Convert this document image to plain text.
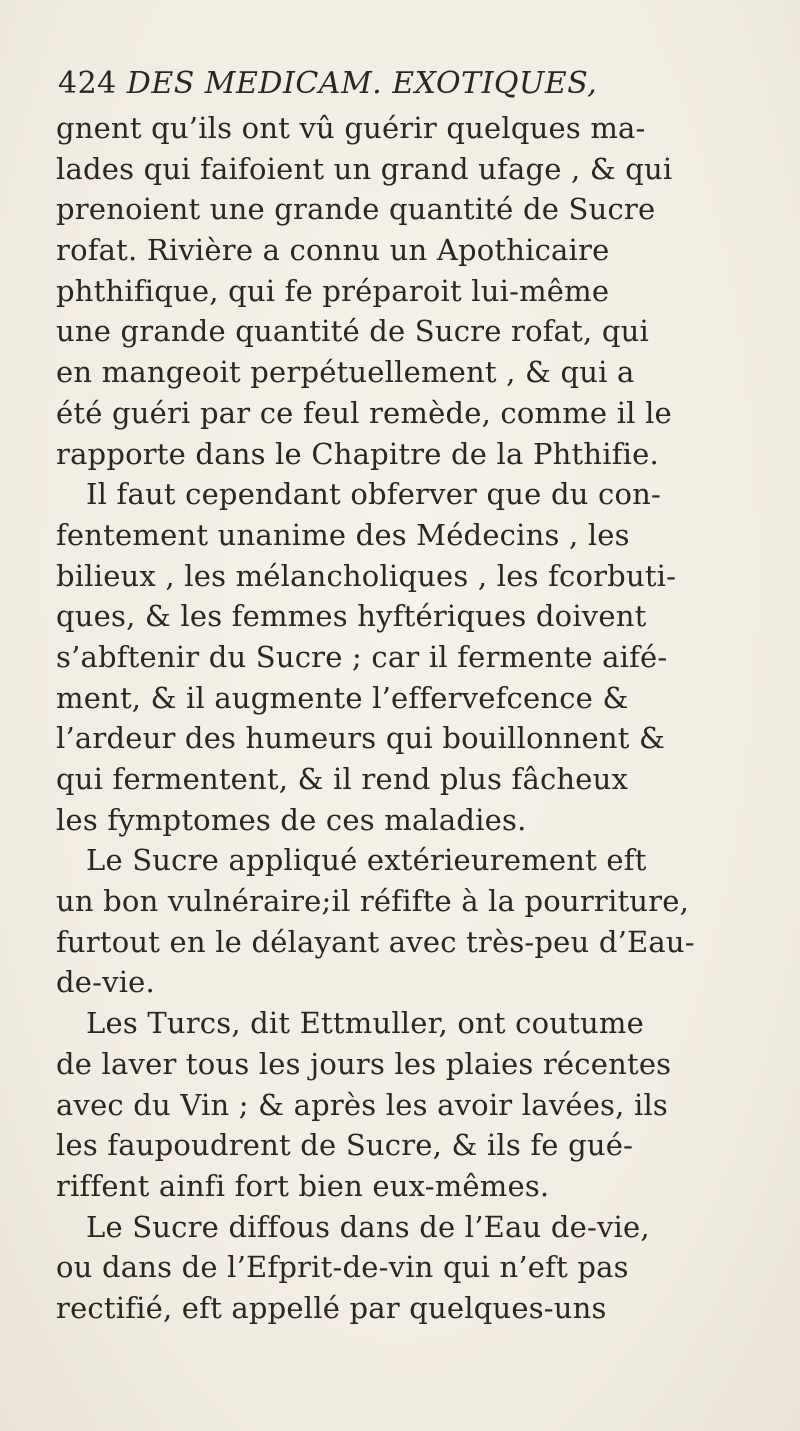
424 DES MEDICAM. EXOTIQUES,
gnent qu’ils ont vû guérir quelques ma-
lades qui faifoient un grand ufage , & qui
prenoient une grande quantité de Sucre
rofat. Rivière a connu un Apothicaire
phthifique, qui fe préparoit lui-même
une grande quantité de Sucre rofat, qui
en mangeoit perpétuellement , & qui a
été guéri par ce feul remède, comme il le
rapporte dans le Chapitre de la Phthifie.
Il faut cependant obferver que du con-
fentement unanime des Médecins , les
bilieux , les mélancholiques , les fcorbuti-
ques, & les femmes hyftériques doivent
s’abftenir du Sucre ; car il fermente aifé-
ment, & il augmente l’effervefcence &
l’ardeur des humeurs qui bouillonnent &
qui fermentent, & il rend plus fâcheux
les fymptomes de ces maladies.
Le Sucre appliqué extérieurement eft
un bon vulnéraire;il réfifte à la pourriture,
furtout en le délayant avec très-peu d’Eau-
de-vie.
Les Turcs, dit Ettmuller, ont coutume
de laver tous les jours les plaies récentes
avec du Vin ; & après les avoir lavées, ils
les faupoudrent de Sucre, & ils fe gué-
riffent ainfi fort bien eux-mêmes.
Le Sucre diffous dans de l’Eau de-vie,
ou dans de l’Efprit-de-vin qui n’eft pas
rectifié, eft appellé par quelques-uns
